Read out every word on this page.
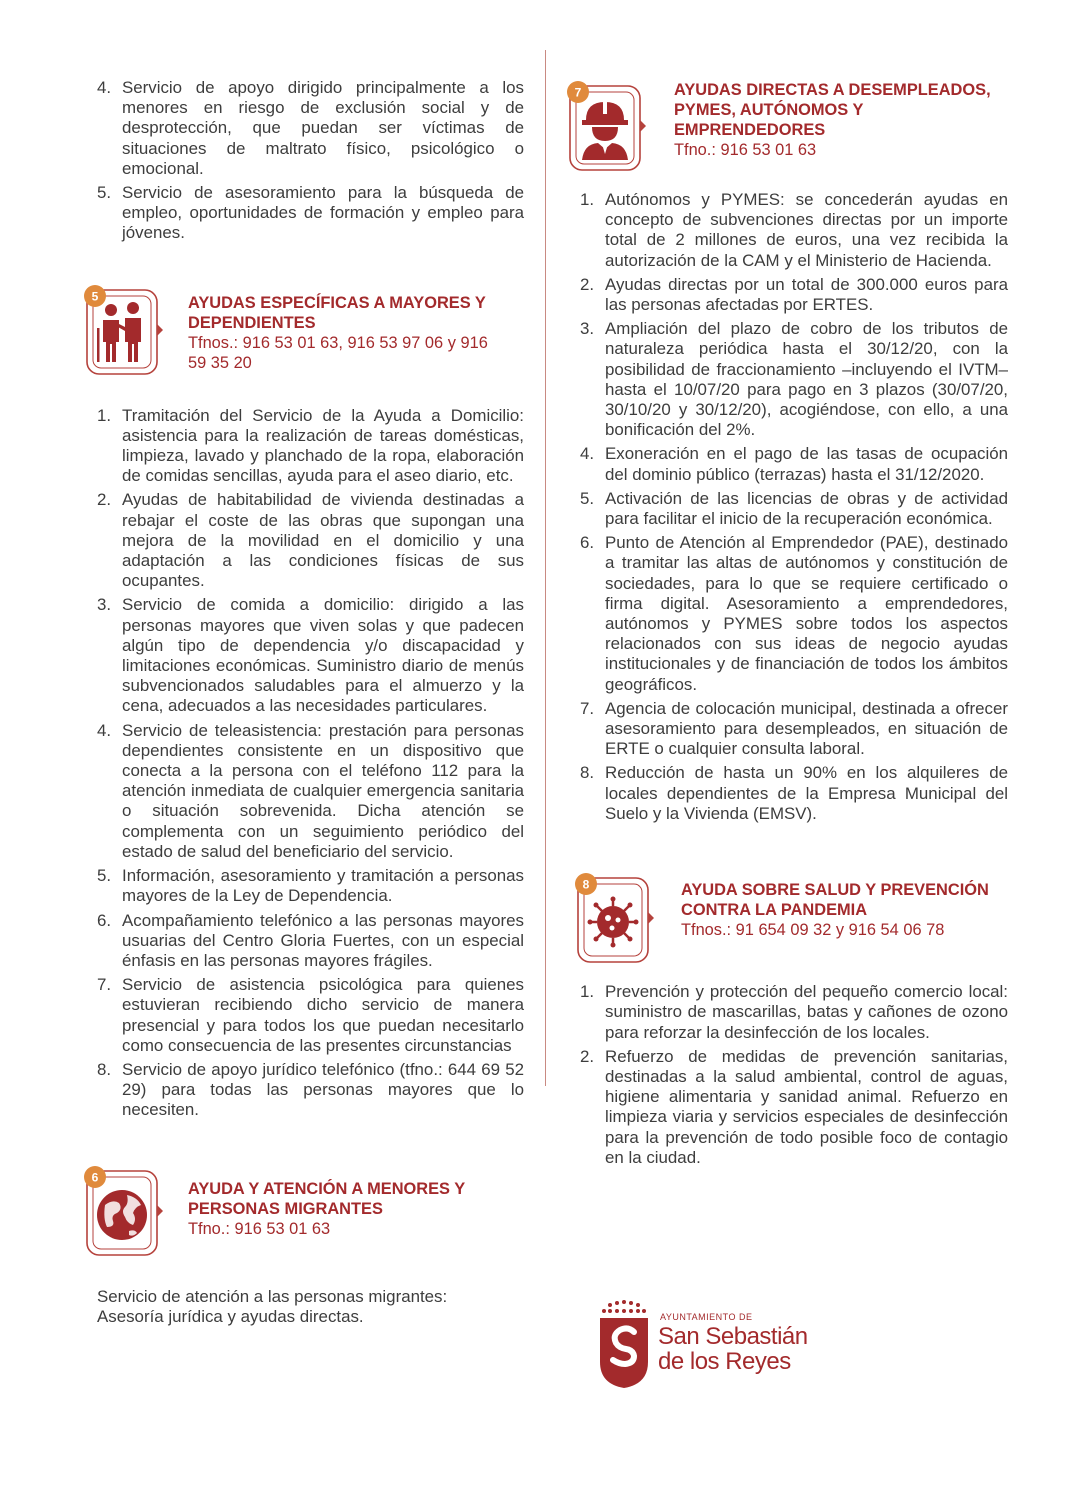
4. Servicio de apoyo dirigido principalmente a los menores en riesgo de exclusión social y de desprotección, que puedan ser víctimas de situaciones de maltrato físico, psicológico o emocional.
5. Servicio de asesoramiento para la búsqueda de empleo, oportunidades de formación y empleo para jóvenes.
5	AYUDAS ESPECÍFICAS A MAYORES Y DEPENDIENTES
Tfnos.: 916 53 01 63, 916 53 97 06 y 916 59 35 20
1. Tramitación del Servicio de la Ayuda a Domicilio: asistencia para la realización de tareas domésticas, limpieza, lavado y planchado de la ropa, elaboración de comidas sencillas, ayuda para el aseo diario, etc.
2. Ayudas de habitabilidad de vivienda destinadas a rebajar el coste de las obras que supongan una mejora de la movilidad en el domicilio y una adaptación a las condiciones físicas de sus ocupantes.
3. Servicio de comida a domicilio: dirigido a las personas mayores que viven solas y que padecen algún tipo de dependencia y/o discapacidad y limitaciones económicas. Suministro diario de menús subvencionados saludables para el almuerzo y la cena, adecuados a las necesidades particulares.
4. Servicio de teleasistencia: prestación para personas dependientes consistente en un dispositivo que conecta a la persona con el teléfono 112 para la atención inmediata de cualquier emergencia sanitaria o situación sobrevenida. Dicha atención se complementa con un seguimiento periódico del estado de salud del beneficiario del servicio.
5. Información, asesoramiento y tramitación a personas mayores de la Ley de Dependencia.
6. Acompañamiento telefónico a las personas mayores usuarias del Centro Gloria Fuertes, con un especial énfasis en las personas mayores frágiles.
7. Servicio de asistencia psicológica para quienes estuvieran recibiendo dicho servicio de manera presencial y para todos los que puedan necesitarlo como consecuencia de las presentes circunstancias
8. Servicio de apoyo jurídico telefónico (tfno.: 644 69 52 29) para todas las personas mayores que lo necesiten.
6
AYUDA Y ATENCIÓN A MENORES Y PERSONAS MIGRANTES
Tfno.: 916 53 01 63

Servicio de atención a las personas migrantes: Asesoría jurídica y ayudas directas.

7	AYUDAS DIRECTAS A DESEMPLEADOS, PYMES, AUTÓNOMOS Y EMPRENDEDORES
Tfno.: 916 53 01 63
1. Autónomos y PYMES: se concederán ayudas en concepto de subvenciones directas por un importe total de 2 millones de euros, una vez recibida la autorización de la CAM y el Ministerio de Hacienda.
2. Ayudas directas por un total de 300.000 euros para las personas afectadas por ERTES.
3. Ampliación del plazo de cobro de los tributos de naturaleza periódica hasta el 30/12/20, con la posibilidad de fraccionamiento –incluyendo el IVTM– hasta el 10/07/20 para pago en 3 plazos (30/07/20, 30/10/20 y 30/12/20), acogiéndose, con ello, a una bonificación del 2%.
4. Exoneración en el pago de las tasas de ocupación del dominio público (terrazas) hasta el 31/12/2020.
5. Activación de las licencias de obras y de actividad para facilitar el inicio de la recuperación económica.
6. Punto de Atención al Emprendedor (PAE), destinado a tramitar las altas de autónomos y constitución de sociedades, para lo que se requiere certificado o firma digital. Asesoramiento a emprendedores, autónomos y PYMES sobre todos los aspectos relacionados con sus ideas de negocio ayudas institucionales y de financiación de todos los ámbitos geográficos.
7. Agencia de colocación municipal, destinada a ofrecer asesoramiento para desempleados, en situación de ERTE o cualquier consulta laboral.
8. Reducción de hasta un 90% en los alquileres de locales dependientes de la Empresa Municipal del Suelo y la Vivienda (EMSV).
8	AYUDA SOBRE SALUD Y PREVENCIÓN CONTRA LA PANDEMIA
Tfnos.: 91 654 09 32 y 916 54 06 78
1. Prevención y protección del pequeño comercio local: suministro de mascarillas, batas y cañones de ozono para reforzar la desinfección de los locales.
2. Refuerzo de medidas de prevención sanitarias, destinadas a la salud ambiental, control de aguas, higiene alimentaria y sanidad animal. Refuerzo en limpieza viaria y servicios especiales de desinfección para la prevención de todo posible foco de contagio en la ciudad.
AYUNTAMIENTO DE
San Sebastián
de los Reyes
